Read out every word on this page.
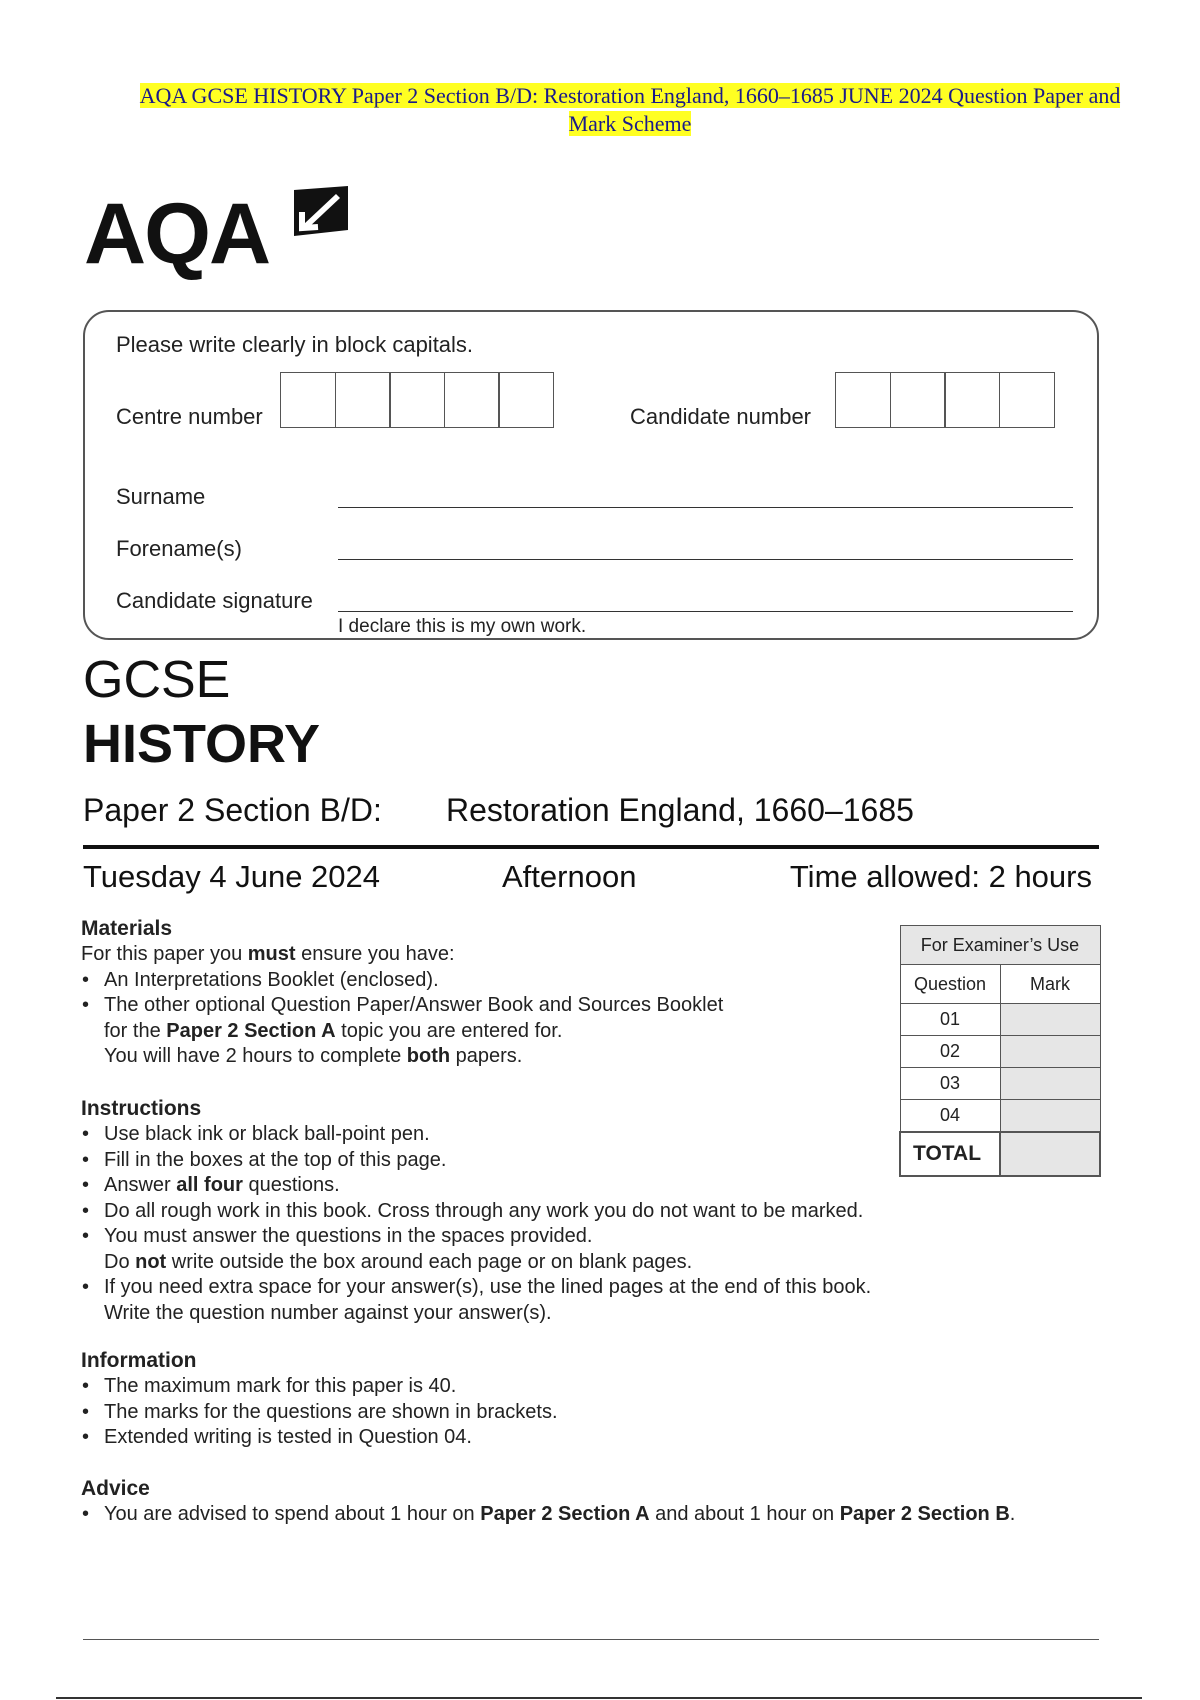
AQA GCSE HISTORY Paper 2 Section B/D: Restoration England, 1660–1685 JUNE 2024 Question Paper and
Mark Scheme
AQA
Please write clearly in block capitals.
Centre number	Candidate number
Surname
Forename(s)
Candidate signature
I declare this is my own work.
GCSE
HISTORY
Paper 2 Section B/D: Restoration England, 1660–1685
Tuesday 4 June 2024	Afternoon	Time allowed: 2 hours
Materials

For this paper you must ensure you have:

• An Interpretations Booklet (enclosed).
• The other optional Question Paper/Answer Book and Sources Booklet
for the Paper 2 Section A topic you are entered for.
You will have 2 hours to complete both papers.
Instructions
• Use black ink or black ball-point pen.
• Fill in the boxes at the top of this page.
• Answer all four questions.
• Do all rough work in this book. Cross through any work you do not want to be marked.
• You must answer the questions in the spaces provided.
Do not write outside the box around each page or on blank pages.
• If you need extra space for your answer(s), use the lined pages at the end of this book.
Write the question number against your answer(s).
Information
• The maximum mark for this paper is 40.
• The marks for the questions are shown in brackets.
• Extended writing is tested in Question 04.
Advice
• You are advised to spend about 1 hour on Paper 2 Section A and about 1 hour on Paper 2 Section B.
For Examiner’s Use	
Question	Mark
01	
02	
03	
04	
TOTAL	
